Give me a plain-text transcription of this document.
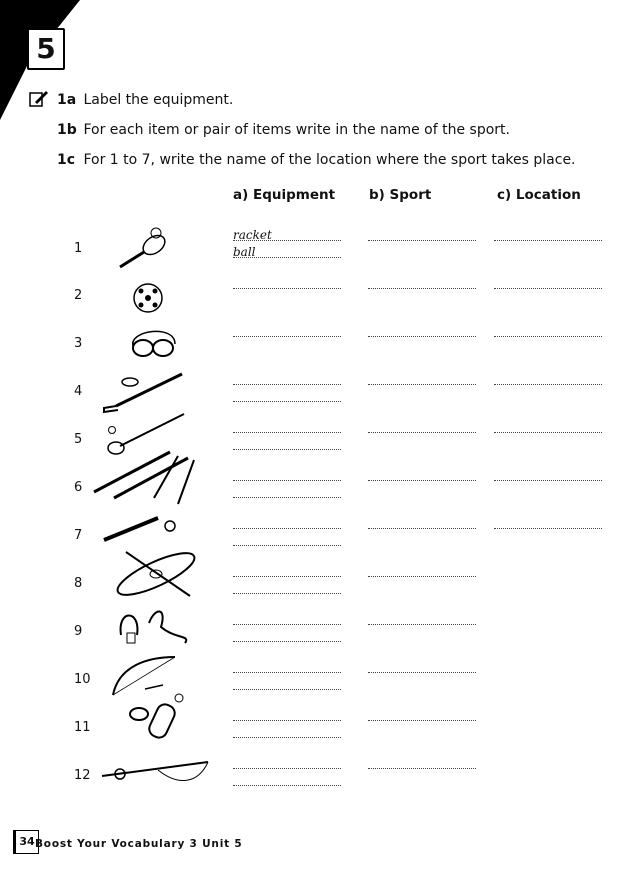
5
1a Label the equipment.
1b For each item or pair of items write in the name of the sport.
1c For 1 to 7, write the name of the location where the sport takes place.
a) Equipment	b) Sport	c) Location
1
2
3
4
5
6
7
8
9
10
11
12
racket
ball
34 Boost Your Vocabulary 3 Unit 5
